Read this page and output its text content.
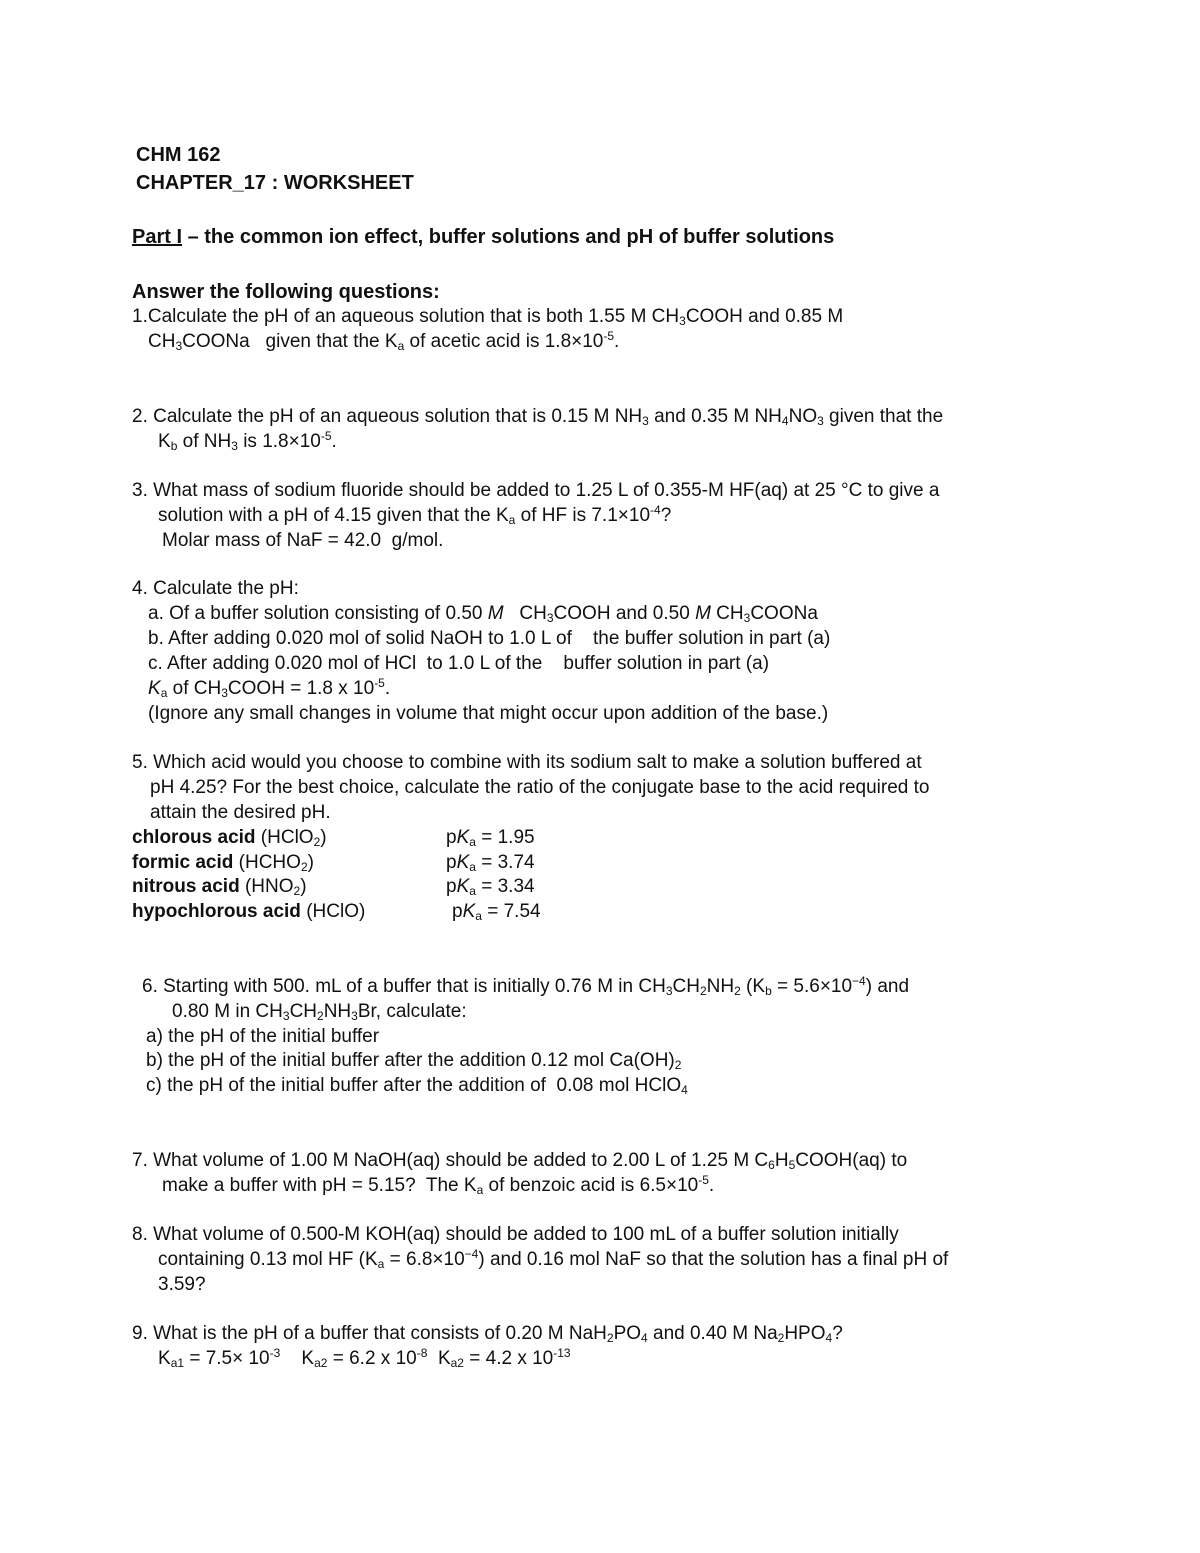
CHM 162
CHAPTER_17 : WORKSHEET
Part I – the common ion effect, buffer solutions and pH of buffer solutions
Answer the following questions:
1.Calculate the pH of an aqueous solution that is both 1.55 M $CH_3COOH$ and 0.85 M
$CH_3COONa$   given that the $K_a$ of acetic acid is $1.8\times 10^{-5}$.
2. Calculate the pH of an aqueous solution that is 0.15 M $NH_3$ and 0.35 M $NH_4NO_3$ given that the
$K_b$ of $NH_3$ is $1.8\times 10^{-5}$.
3. What mass of sodium fluoride should be added to 1.25 L of 0.355-M HF(aq) at 25 °C to give a
solution with a pH of 4.15 given that the $K_a$ of HF is $7.1\times 10^{-4}$?
Molar mass of NaF = 42.0  g/mol.
4. Calculate the pH:
a. Of a buffer solution consisting of 0.50 M   $CH_3COOH$ and 0.50 M $CH_3COONa$
b. After adding 0.020 mol of solid NaOH to 1.0 L of    the buffer solution in part (a)
c. After adding 0.020 mol of HCl  to 1.0 L of the    buffer solution in part (a)
$K_a$ of $CH_3COOH = 1.8$ x $10^{-5}$.
(Ignore any small changes in volume that might occur upon addition of the base.)
5. Which acid would you choose to combine with its sodium salt to make a solution buffered at
pH 4.25? For the best choice, calculate the ratio of the conjugate base to the acid required to
attain the desired pH.
chlorous acid (HClO$_2$)	$pK_a = 1.95$
formic acid $(HCHO_2)$	$pK_a = 3.74$
nitrous acid $(HNO_2)$	$pK_a = 3.34$
hypochlorous acid (HClO)	$pK_a = 7.54$
6. Starting with 500. mL of a buffer that is initially 0.76 M in $CH_3CH_2NH_2$ $(K_b = 5.6\times 10^{-4})$ and
0.80 M in $CH_3CH_2NH_3Br$, calculate:
a) the pH of the initial buffer
b) the pH of the initial buffer after the addition 0.12 mol $Ca(OH)_2$
c) the pH of the initial buffer after the addition of  0.08 mol HClO$_4$
7. What volume of 1.00 M NaOH(aq) should be added to 2.00 L of 1.25 M $C_6H_5COOH(aq)$ to
make a buffer with pH = 5.15?  The $K_a$ of benzoic acid is $6.5\times 10^{-5}$.
8. What volume of 0.500-M KOH(aq) should be added to 100 mL of a buffer solution initially
containing 0.13 mol HF $(K_a = 6.8\times 10^{-4})$ and 0.16 mol NaF so that the solution has a final pH of
3.59?
9. What is the pH of a buffer that consists of 0.20 M $NaH_2PO_4$ and 0.40 M $Na_2HPO_4$?
$K_{a1} = 7.5\times 10^{-3}$    $K_{a2} = 6.2$ x $10^{-8}$  $K_{a2} = 4.2$ x $10^{-13}$
